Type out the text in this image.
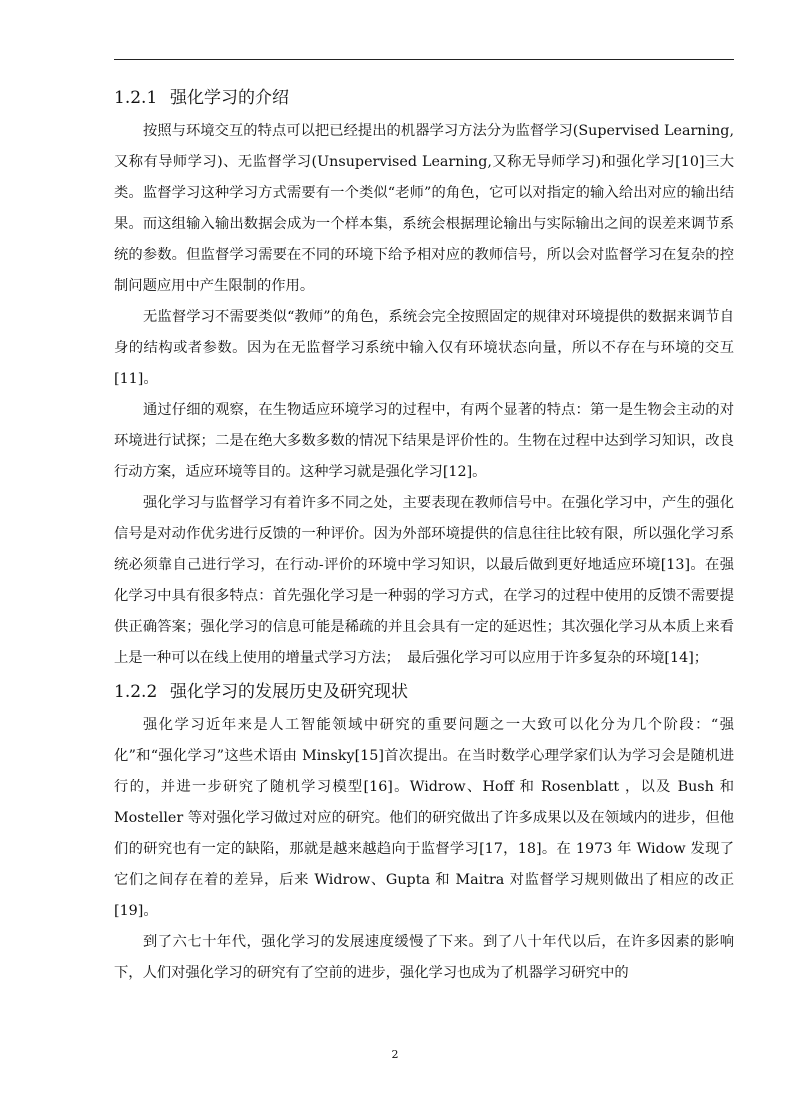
1.2.1 强化学习的介绍

按照与环境交互的特点可以把已经提出的机器学习方法分为监督学习(Supervised Learning,又称有导师学习)、无监督学习(Unsupervised Learning,又称无导师学习)和强化学习[10]三大类。监督学习这种学习方式需要有一个类似“老师”的角色，它可以对指定的输入给出对应的输出结果。而这组输入输出数据会成为一个样本集，系统会根据理论输出与实际输出之间的误差来调节系统的参数。但监督学习需要在不同的环境下给予相对应的教师信号，所以会对监督学习在复杂的控制问题应用中产生限制的作用。

无监督学习不需要类似“教师”的角色，系统会完全按照固定的规律对环境提供的数据来调节自身的结构或者参数。因为在无监督学习系统中输入仅有环境状态向量，所以不存在与环境的交互[11]。

通过仔细的观察，在生物适应环境学习的过程中，有两个显著的特点：第一是生物会主动的对环境进行试探；二是在绝大多数多数的情况下结果是评价性的。生物在过程中达到学习知识，改良行动方案，适应环境等目的。这种学习就是强化学习[12]。

强化学习与监督学习有着许多不同之处，主要表现在教师信号中。在强化学习中，产生的强化信号是对动作优劣进行反馈的一种评价。因为外部环境提供的信息往往比较有限，所以强化学习系统必须靠自己进行学习，在行动-评价的环境中学习知识，以最后做到更好地适应环境[13]。在强化学习中具有很多特点：首先强化学习是一种弱的学习方式，在学习的过程中使用的反馈不需要提供正确答案；强化学习的信息可能是稀疏的并且会具有一定的延迟性；其次强化学习从本质上来看上是一种可以在线上使用的增量式学习方法；　最后强化学习可以应用于许多复杂的环境[14]；

1.2.2 强化学习的发展历史及研究现状

强化学习近年来是人工智能领域中研究的重要问题之一大致可以化分为几个阶段：“强化”和“强化学习”这些术语由 Minsky[15]首次提出。在当时数学心理学家们认为学习会是随机进行的，并进一步研究了随机学习模型[16]。Widrow、Hoff 和 Rosenblatt ，以及 Bush 和 Mosteller 等对强化学习做过对应的研究。他们的研究做出了许多成果以及在领域内的进步，但他们的研究也有一定的缺陷，那就是越来越趋向于监督学习[17，18]。在 1973 年 Widow 发现了它们之间存在着的差异，后来 Widrow、Gupta 和 Maitra 对监督学习规则做出了相应的改正[19]。

到了六七十年代，强化学习的发展速度缓慢了下来。到了八十年代以后，在许多因素的影响下，人们对强化学习的研究有了空前的进步，强化学习也成为了机器学习研究中的

2
